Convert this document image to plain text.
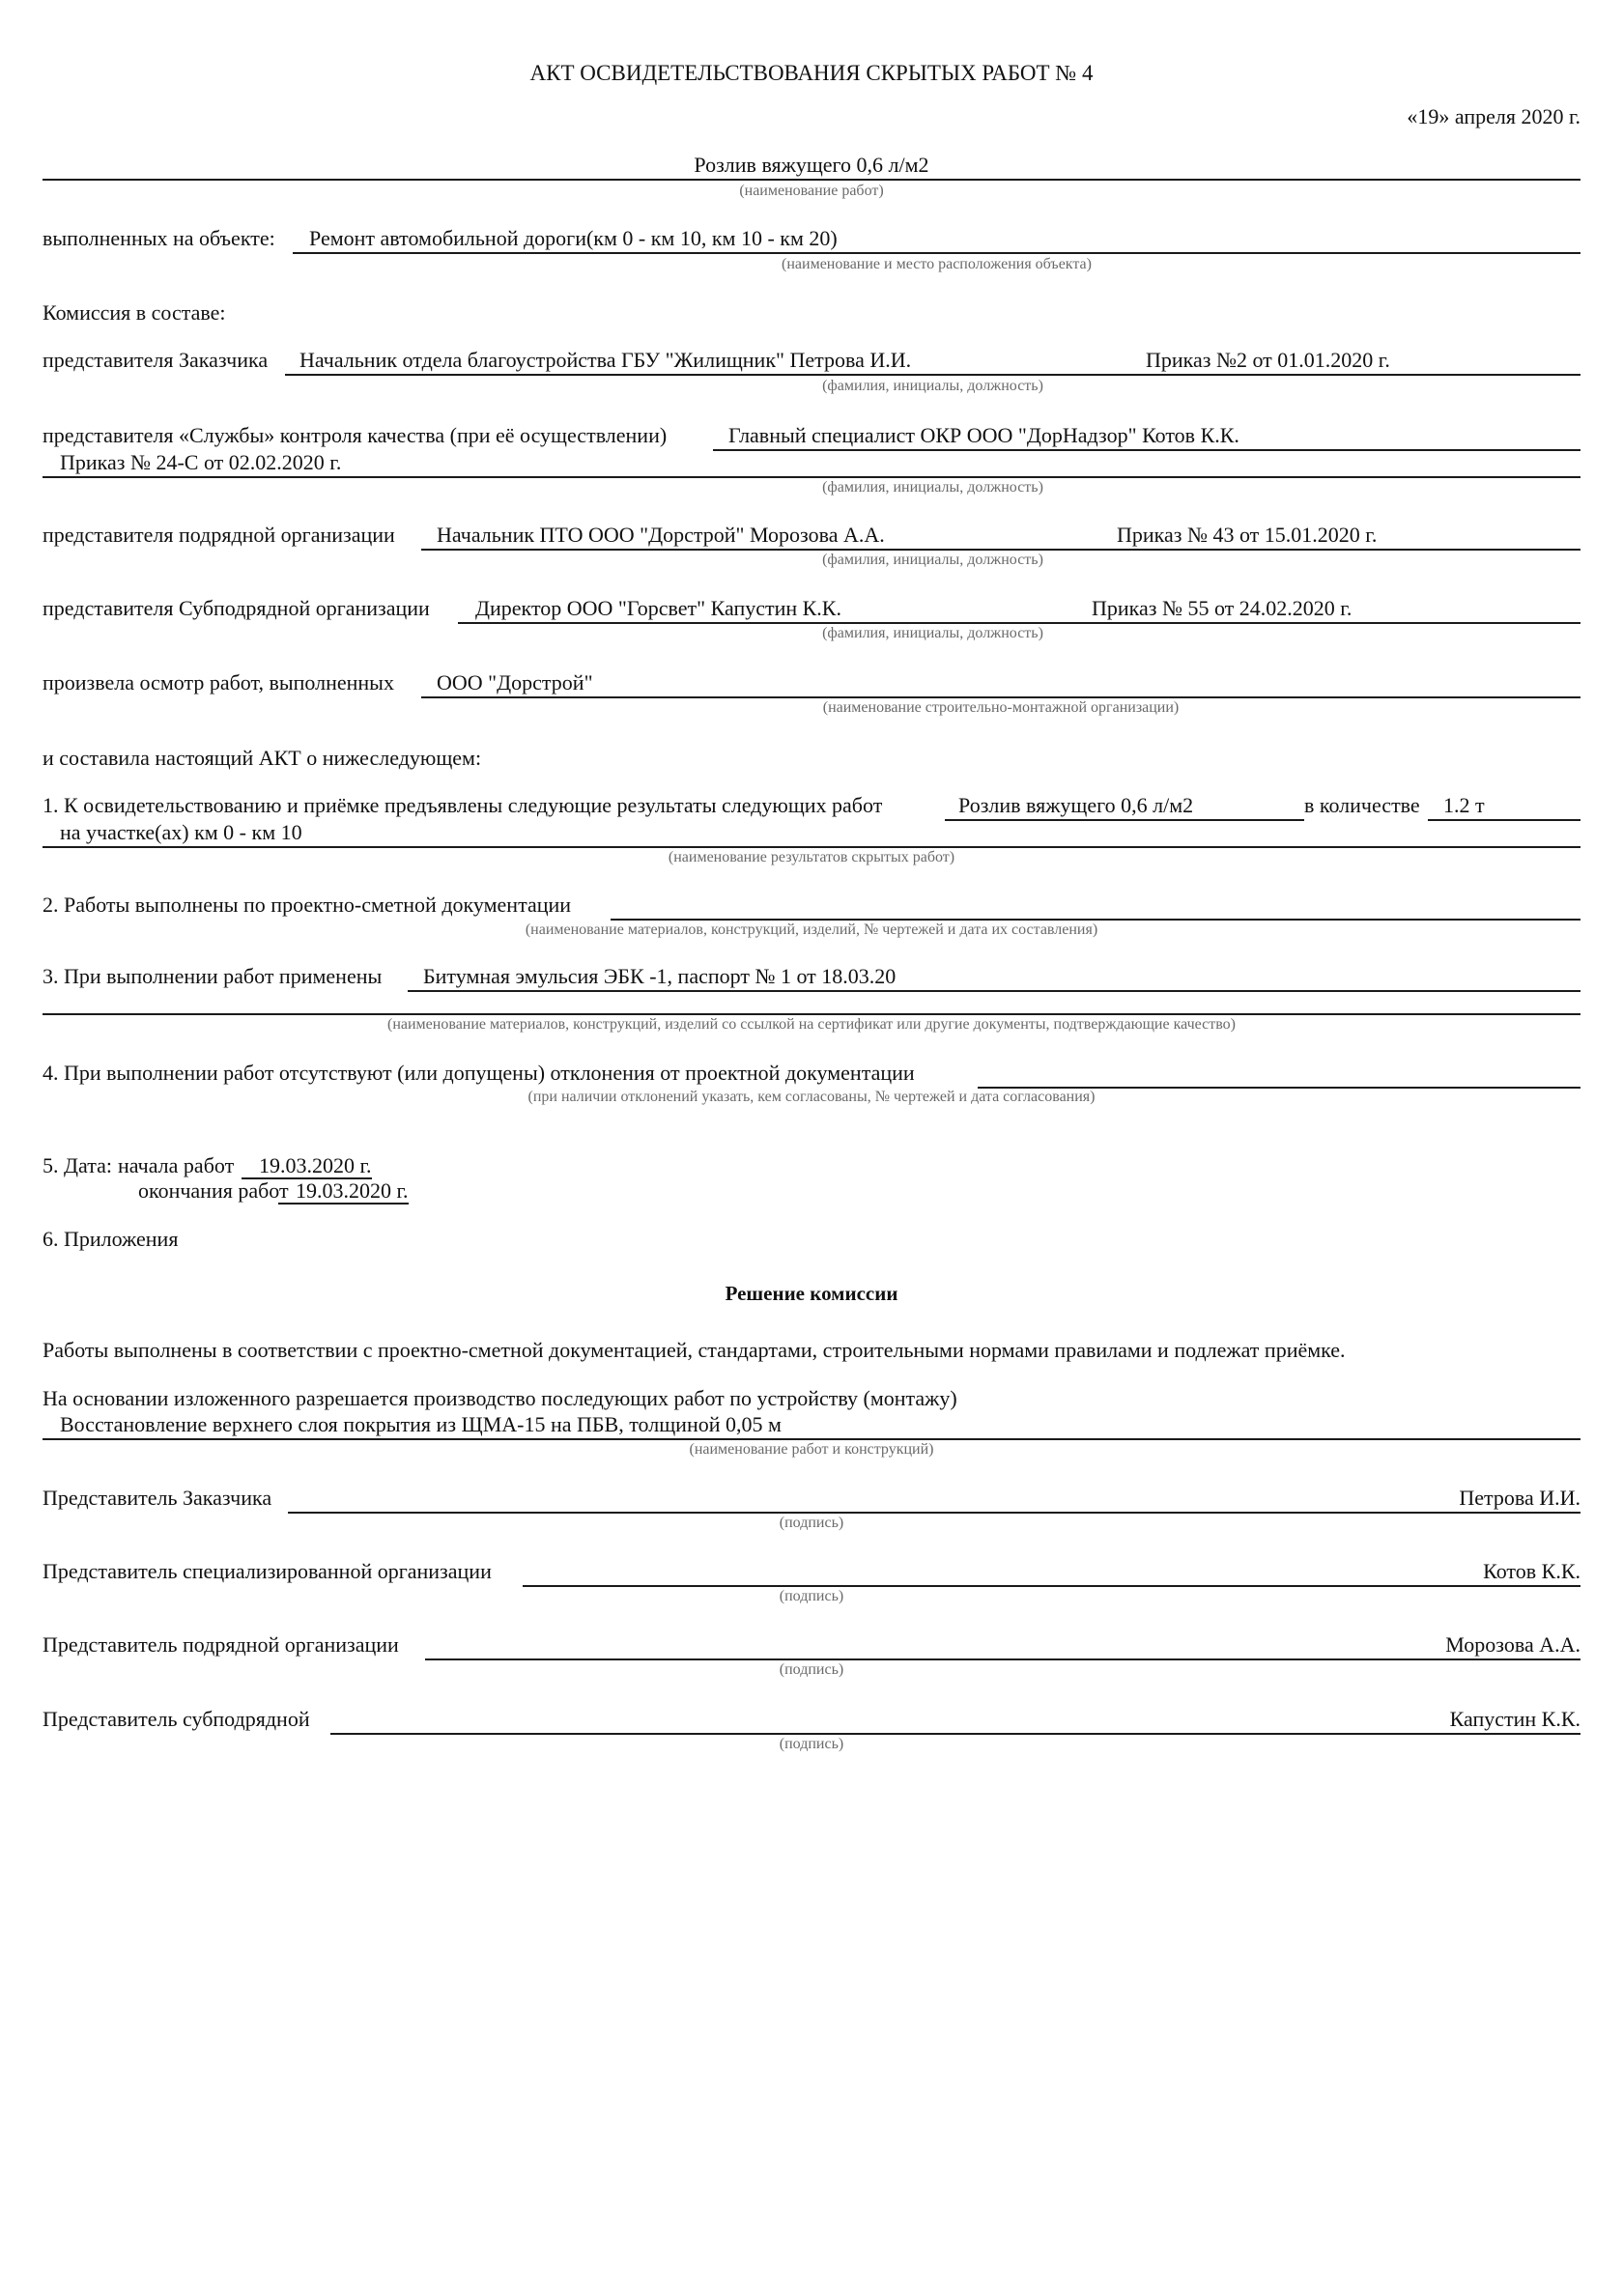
АКТ ОСВИДЕТЕЛЬСТВОВАНИЯ СКРЫТЫХ РАБОТ № 4
«19» апреля 2020 г.
Розлив вяжущего 0,6 л/м2
(наименование работ)
выполненных на объекте: Ремонт автомобильной дороги(км 0 - км 10, км 10 - км 20)
(наименование и место расположения объекта)
Комиссия в составе:
представителя Заказчика Начальник отдела благоустройства ГБУ "Жилищник" Петрова И.И.	Приказ №2 от 01.01.2020 г.
(фамилия, инициалы, должность)
представителя «Службы» контроля качества (при её осуществлении)	Главный специалист ОКР ООО "ДорНадзор" Котов К.К.
Приказ № 24-С от 02.02.2020 г.
(фамилия, инициалы, должность)
представителя подрядной организации Начальник ПТО ООО "Дорстрой" Морозова А.А.	Приказ № 43 от 15.01.2020 г.
(фамилия, инициалы, должность)
представителя Субподрядной организации Директор ООО "Горсвет" Капустин К.К.	Приказ № 55 от 24.02.2020 г.
(фамилия, инициалы, должность)
произвела осмотр работ, выполненных ООО "Дорстрой"
(наименование строительно-монтажной организации)
и составила настоящий АКТ о нижеследующем:
1. К освидетельствованию и приёмке предъявлены следующие результаты следующих работ	Розлив вяжущего 0,6 л/м2	в количестве 1.2 т
на участке(ах) км 0 - км 10
(наименование результатов скрытых работ)
2. Работы выполнены по проектно-сметной документации
(наименование материалов, конструкций, изделий, № чертежей и дата их составления)
3. При выполнении работ применены Битумная эмульсия ЭБК -1, паспорт № 1 от 18.03.20
(наименование материалов, конструкций, изделий со ссылкой на сертификат или другие документы, подтверждающие качество)
4. При выполнении работ отсутствуют (или допущены) отклонения от проектной документации
(при наличии отклонений указать, кем согласованы, № чертежей и дата согласования)
5. Дата: начала работ	19.03.2020 г.
окончания работ 19.03.2020 г.
6. Приложения
Решение комиссии
Работы выполнены в соответствии с проектно-сметной документацией, стандартами, строительными нормами правилами и подлежат приёмке.
На основании изложенного разрешается производство последующих работ по устройству (монтажу)
Восстановление верхнего слоя покрытия из ЩМА-15 на ПБВ, толщиной 0,05 м
(наименование работ и конструкций)
Представитель Заказчика	Петрова И.И.
(подпись)
Представитель специализированной организации	Котов К.К.
(подпись)
Представитель подрядной организации	Морозова А.А.
(подпись)
Представитель субподрядной	Капустин К.К.
(подпись)
